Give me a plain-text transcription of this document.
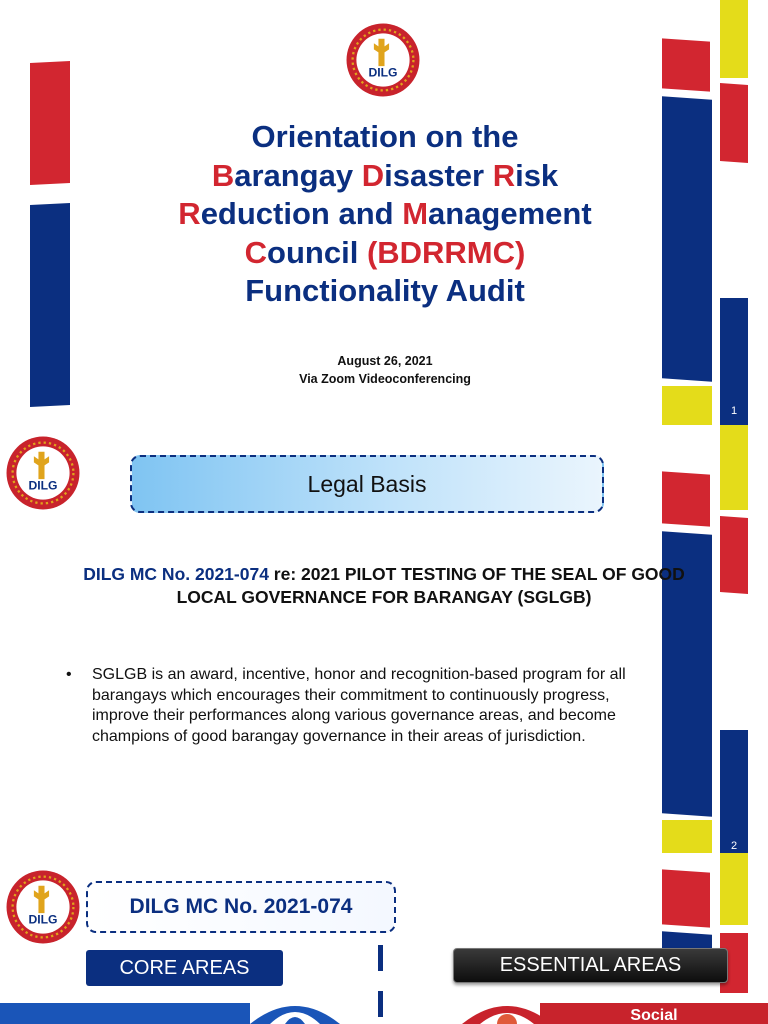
DILG
Orientation on the
Barangay Disaster Risk
Reduction and Management
Council (BDRRMC)
Functionality Audit
August 26, 2021
Via Zoom Videoconferencing
1
DILG	Legal Basis
DILG MC No. 2021-074 re: 2021 PILOT TESTING OF THE SEAL OF GOOD LOCAL GOVERNANCE FOR BARANGAY (SGLGB)
•	SGLGB is an award, incentive, honor and recognition-based program for all barangays which encourages their commitment to continuously progress, improve their performances along various governance areas, and become champions of good barangay governance in their areas of jurisdiction.
2
DILG
DILG MC No. 2021-074
CORE AREAS	ESSENTIAL AREAS
Social
